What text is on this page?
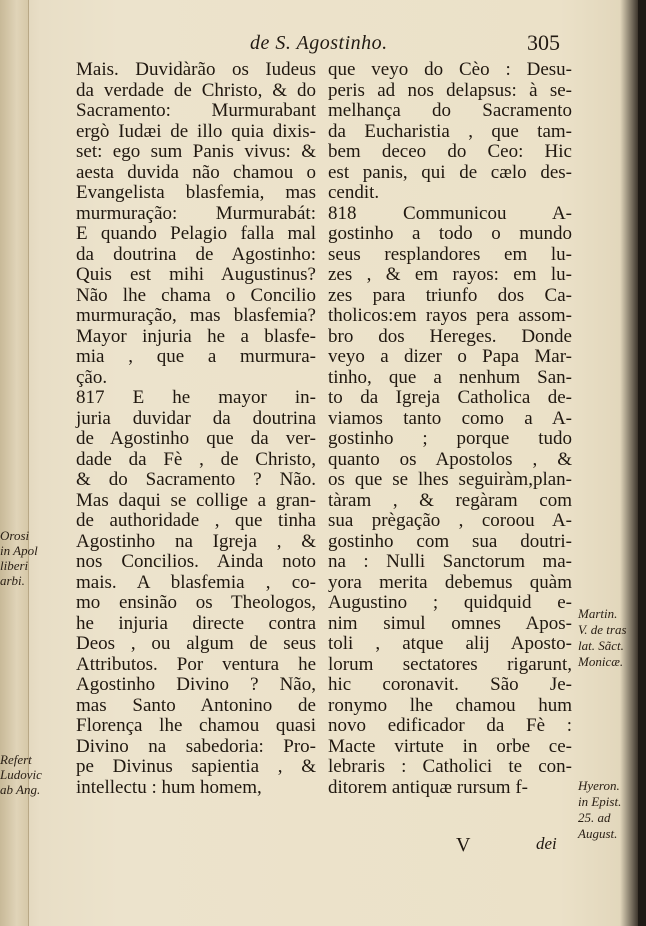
de S. Agostinho.	305
Mais. Duvidàrão os Iudeus
da verdade de Christo, & do
Sacramento: Murmurabant
ergò Iudæi de illo quia dixis-
set: ego sum Panis vivus: &
aesta duvida não chamou o
Evangelista blasfemia, mas
murmuração: Murmurabát:
E quando Pelagio falla mal
da doutrina de Agostinho:
Quis est mihi Augustinus?
Não lhe chama o Concilio
murmuração, mas blasfemia?
Mayor injuria he a blasfe-
mia , que a murmura-
ção.
817 E he mayor in-
juria duvidar da doutrina
de Agostinho que da ver-
dade da Fè , de Christo,
& do Sacramento ? Não.
Mas daqui se collige a gran-
de authoridade , que tinha
Agostinho na Igreja , &
nos Concilios. Ainda noto
mais. A blasfemia , co-
mo ensinão os Theologos,
he injuria directe contra
Deos , ou algum de seus
Attributos. Por ventura he
Agostinho Divino ? Não,
mas Santo Antonino de
Florença lhe chamou quasi
Divino na sabedoria: Pro-
pe Divinus sapientia , &
intellectu : hum homem,
que veyo do Cèo : Desu-
peris ad nos delapsus: à se-
melhança do Sacramento
da Eucharistia , que tam-
bem deceo do Ceo: Hic
est panis, qui de cælo des-
cendit.
818 Communicou A-
gostinho a todo o mundo
seus resplandores em lu-
zes , & em rayos: em lu-
zes para triunfo dos Ca-
tholicos:em rayos pera assom-
bro dos Hereges. Donde
veyo a dizer o Papa Mar-
tinho, que a nenhum San-
to da Igreja Catholica de-
viamos tanto como a A-
gostinho ; porque tudo
quanto os Apostolos , &
os que se lhes seguiràm,plan-
tàram , & regàram com
sua prègação , coroou A-
gostinho com sua doutri-
na : Nulli Sanctorum ma-
yora merita debemus quàm
Augustino ; quidquid e-
nim simul omnes Apos-
toli , atque alij Aposto-
lorum sectatores rigarunt,
hic coronavit. São Je-
ronymo lhe chamou hum
novo edificador da Fè :
Macte virtute in orbe ce-
lebraris : Catholici te con-
ditorem antiquæ rursum f-
Orosi
in Apol
liberi
arbi.
Refert
Ludovic
ab Ang.
Martin.
V. de tras
lat. Sãct.
Monicæ.
Hyeron.
in Epist.
25. ad
August.
V	dei
